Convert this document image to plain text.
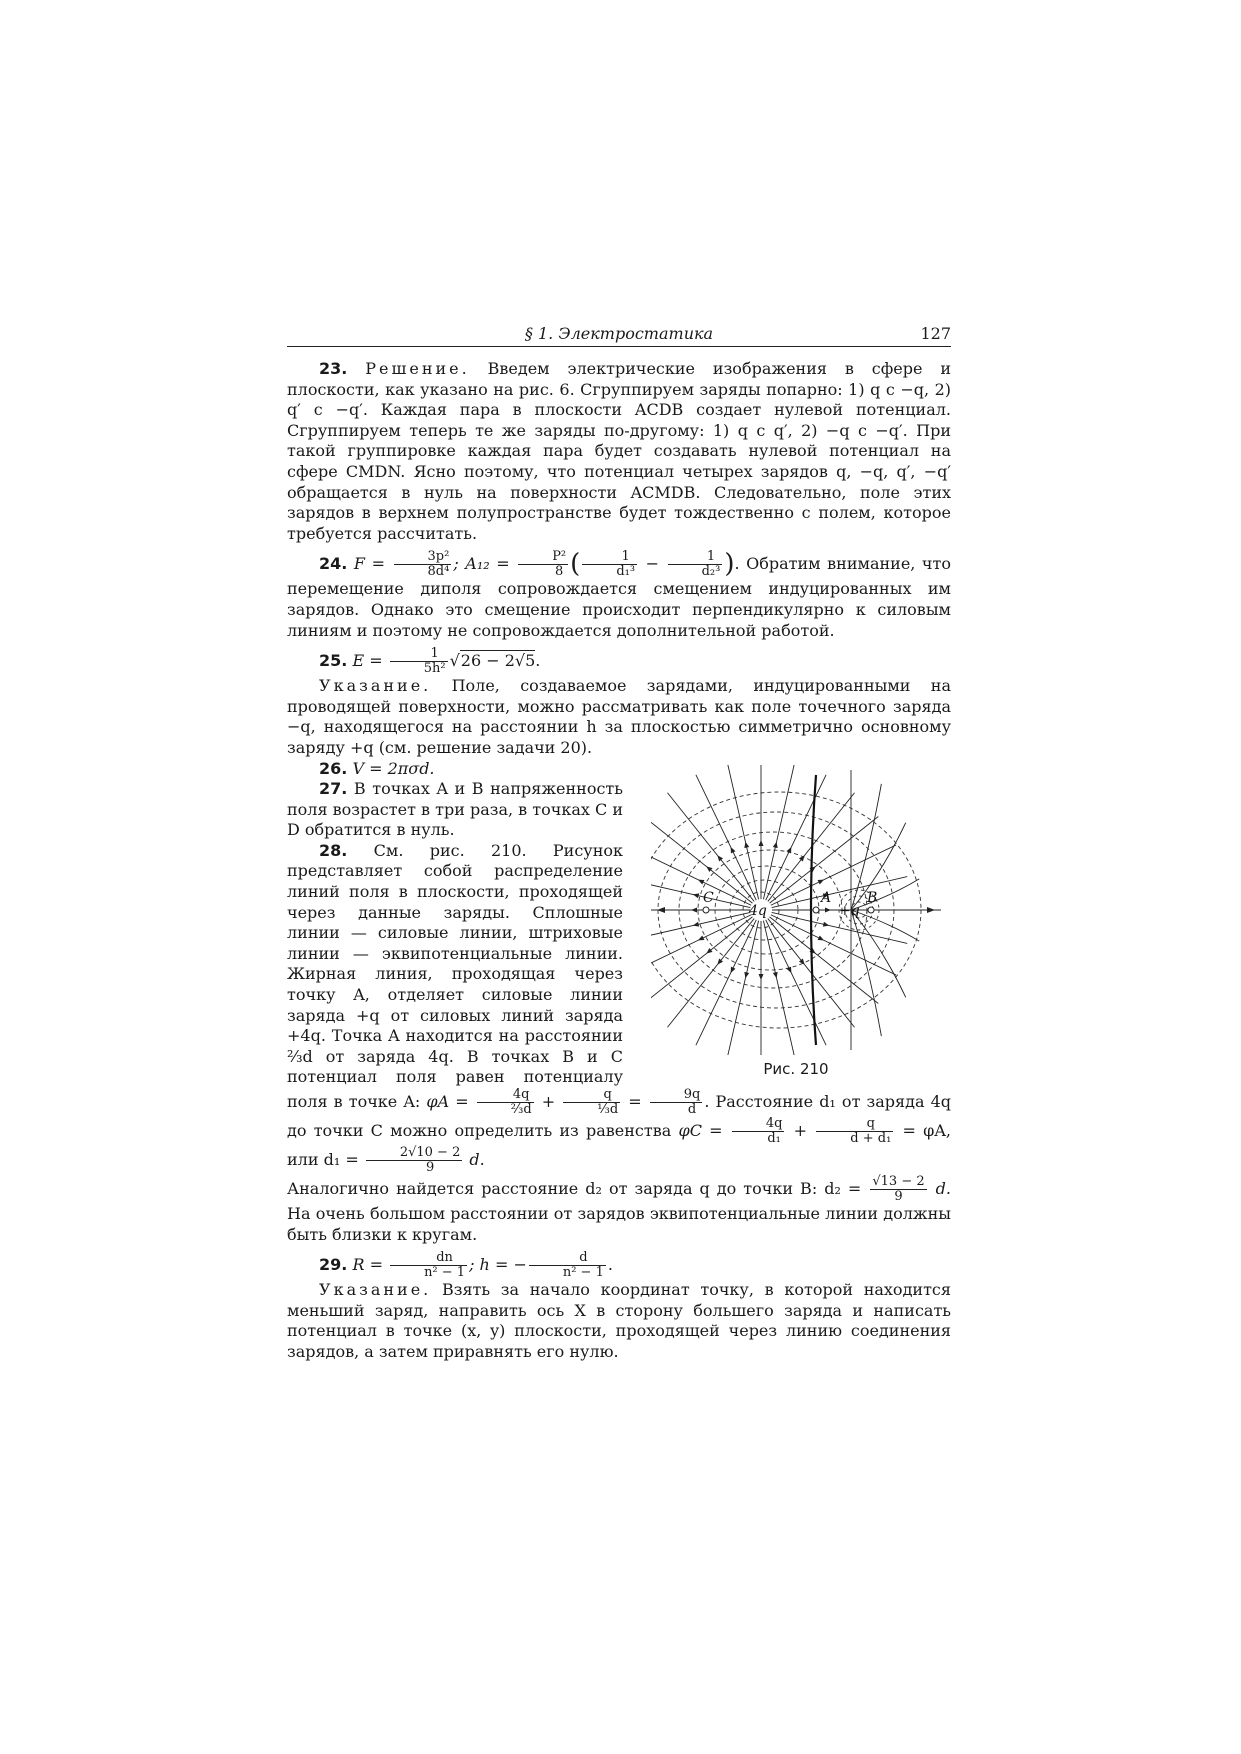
§ 1. Электростатика	127

23. Решение. Введем электрические изображения в сфере и плоскости, как указано на рис. 6. Сгруппируем заряды попарно: 1) q с −q, 2) q′ с −q′. Каждая пара в плоскости ACDB создает нулевой потенциал. Сгруппируем теперь те же заряды по-другому: 1) q с q′, 2) −q с −q′. При такой группировке каждая пара будет создавать нулевой потенциал на сфере CMDN. Ясно поэтому, что потенциал четырех зарядов q, −q, q′, −q′ обращается в нуль на поверхности ACMDB. Следовательно, поле этих зарядов в верхнем полупространстве будет тождественно с полем, которое требуется рассчитать.

24. $F = \frac{\text{3p²}}{\text{8d⁴}}$ ; $A_{12} = \frac{\text{P²}}{8}$ ( $\frac{1}{\text{d₁³}} - \frac{1}{\text{d₂³}}$ ). Обратим внимание, что перемещение диполя сопровождается смещением индуцированных им зарядов. Однако это смещение происходит перпендикулярно к силовым линиям и поэтому не сопровождается дополнительной работой.

25. $E = \frac{1}{\text{5h²}} √26 - 2√5$.

Указание. Поле, создаваемое зарядами, индуцированными на проводящей поверхности, можно рассматривать как поле точечного заряда −q, находящегося на расстоянии h за плоскостью симметрично основному заряду +q (см. решение задачи 20).

C
4q
A
+q
B
Рис. 210

26. V = 2πσd.

27. В точках A и B напряженность поля возрастет в три раза, в точках C и D обратится в нуль.

28. См. рис. 210. Рисунок представляет собой распределение линий поля в плоскости, проходящей через данные заряды. Сплошные линии — силовые линии, штриховые линии — эквипотенциальные линии. Жирная линия, проходящая через точку A, отделяет силовые линии заряда +q от силовых линий заряда +4q. Точка A находится на расстоянии ²⁄₃d от заряда 4q. В точках B и C потенциал поля равен потенциалу поля в точке A: $\varphi A = \frac{4q}{\text{²⁄₃d}} + \frac{q}{\text{¹⁄₃d}} = \frac{9q}{d}$ . Расстояние d₁ от заряда 4q до точки C можно определить из равенства $\varphi C = \frac{4q}{\text{d₁}} + \frac{q}{\text{d + d₁}} = \varphi A$, или $d_1 = \frac{2√10 - 2}{9} d$.

Аналогично найдется расстояние d₂ от заряда q до точки B: $d_2 = \frac{√13 - 2}{9} d$. На очень большом расстоянии от зарядов эквипотенциальные линии должны быть близки к кругам.

29. $R = \frac{dn}{\text{n² − 1}}$ ; h = − $\frac{d}{\text{n² − 1}}$ .

Указание. Взять за начало координат точку, в которой находится меньший заряд, направить ось X в сторону большего заряда и написать потенциал в точке (x, y) плоскости, проходящей через линию соединения зарядов, а затем приравнять его нулю.
